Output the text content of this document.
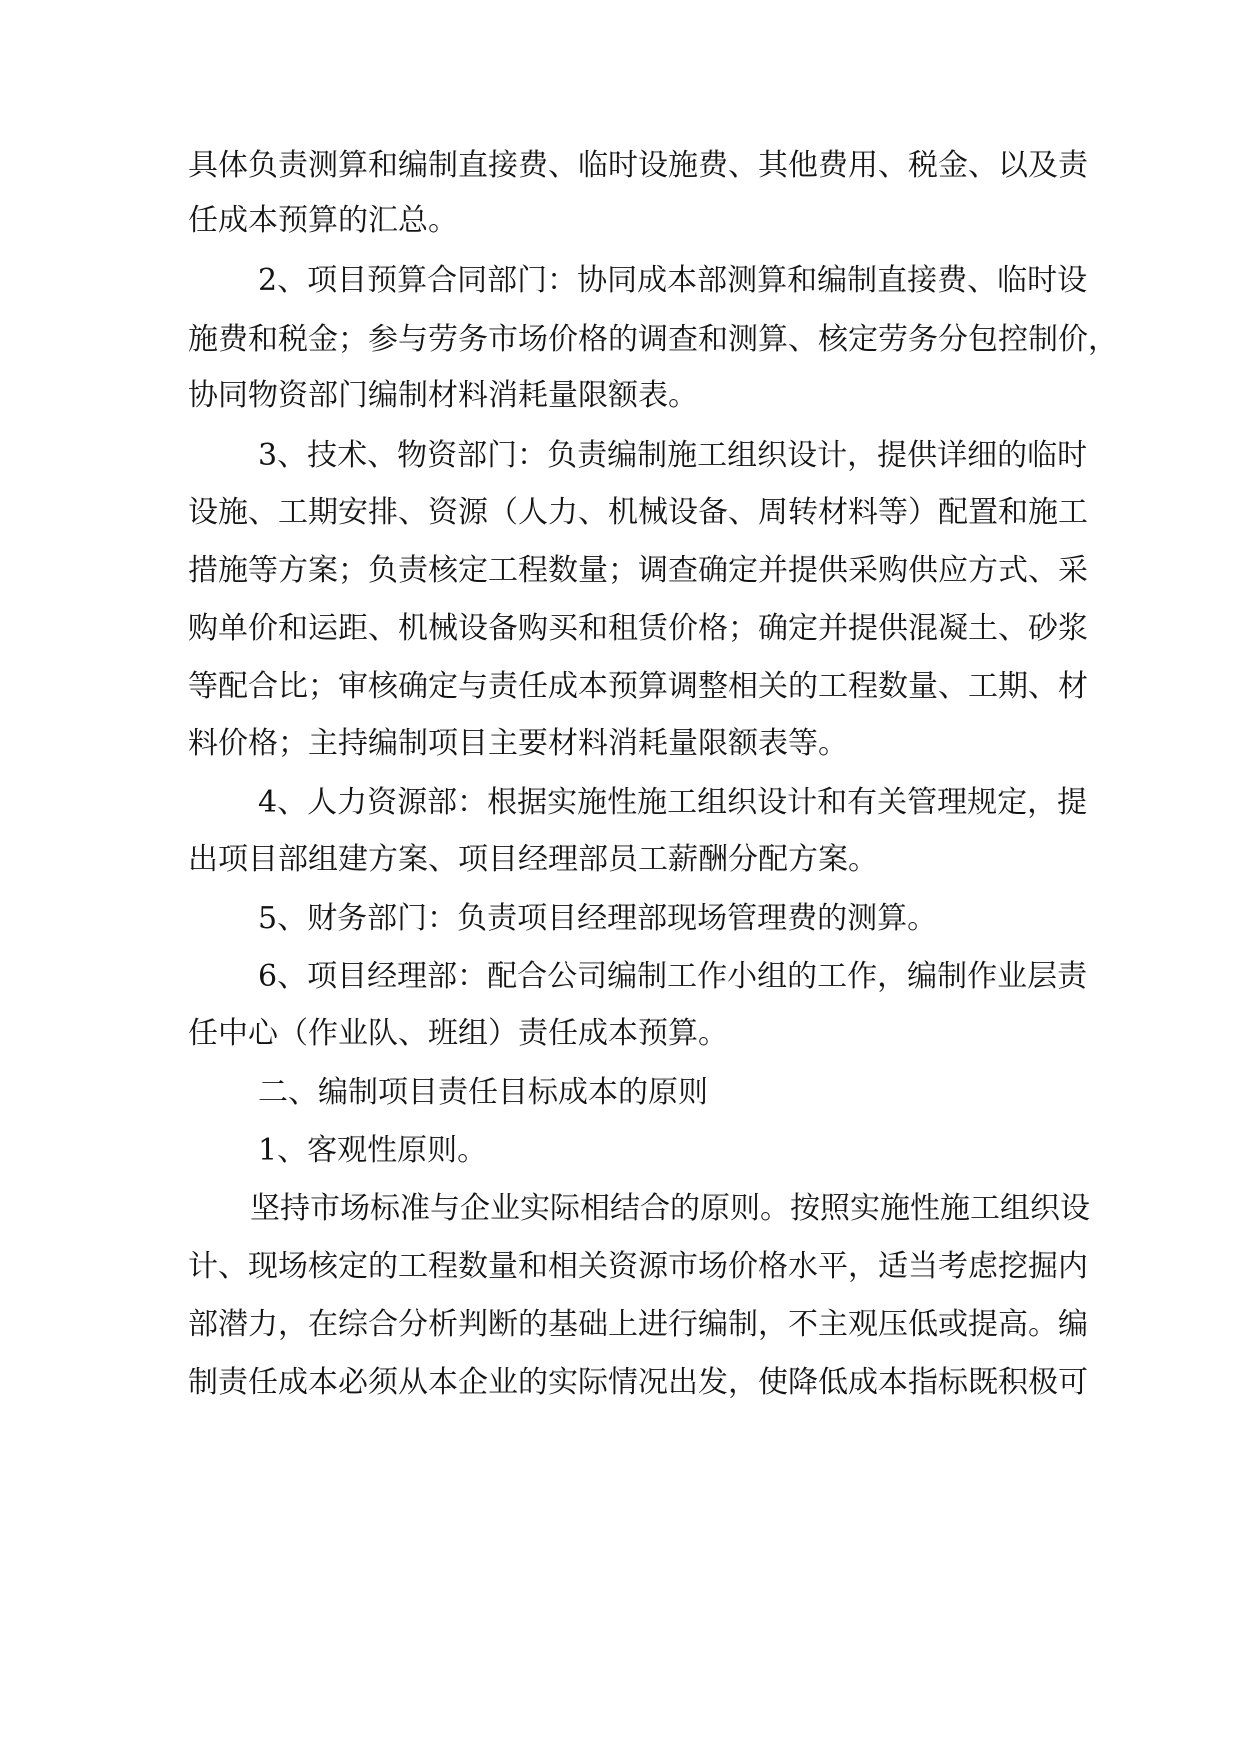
具体负责测算和编制直接费、临时设施费、其他费用、税金、以及责
任成本预算的汇总。
2、项目预算合同部门：协同成本部测算和编制直接费、临时设
施费和税金；参与劳务市场价格的调查和测算、核定劳务分包控制价，
协同物资部门编制材料消耗量限额表。
3、技术、物资部门：负责编制施工组织设计，提供详细的临时
设施、工期安排、资源（人力、机械设备、周转材料等）配置和施工
措施等方案；负责核定工程数量；调查确定并提供采购供应方式、采
购单价和运距、机械设备购买和租赁价格；确定并提供混凝土、砂浆
等配合比；审核确定与责任成本预算调整相关的工程数量、工期、材
料价格；主持编制项目主要材料消耗量限额表等。
4、人力资源部：根据实施性施工组织设计和有关管理规定，提
出项目部组建方案、项目经理部员工薪酬分配方案。
5、财务部门：负责项目经理部现场管理费的测算。
6、项目经理部：配合公司编制工作小组的工作，编制作业层责
任中心（作业队、班组）责任成本预算。
二、编制项目责任目标成本的原则
1、客观性原则。
坚持市场标准与企业实际相结合的原则。按照实施性施工组织设
计、现场核定的工程数量和相关资源市场价格水平，适当考虑挖掘内
部潜力，在综合分析判断的基础上进行编制，不主观压低或提高。编
制责任成本必须从本企业的实际情况出发，使降低成本指标既积极可
